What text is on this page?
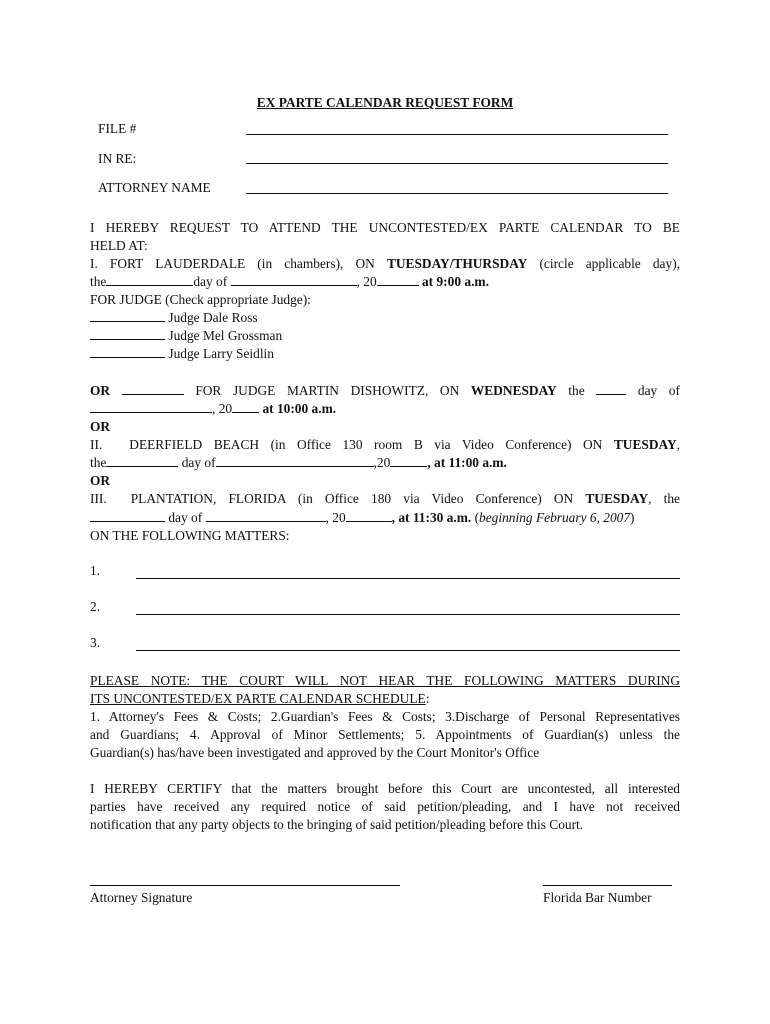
EX PARTE CALENDAR REQUEST FORM
FILE #
IN RE:
ATTORNEY NAME
I HEREBY REQUEST TO ATTEND THE UNCONTESTED/EX PARTE CALENDAR TO BE
HELD AT:
I. FORT LAUDERDALE (in chambers), ON TUESDAY/THURSDAY (circle applicable day),
the	day of	, 20	at 9:00 a.m.
FOR JUDGE (Check appropriate Judge):
Judge Dale Ross
Judge Mel Grossman
Judge Larry Seidlin
OR	FOR JUDGE MARTIN DISHOWITZ, ON WEDNESDAY the	day of
, 20 at 10:00 a.m.
OR
II. DEERFIELD BEACH (in Office 130 room B via Video Conference) ON TUESDAY,
the	day of	,20	, at 11:00 a.m.
OR
III. PLANTATION, FLORIDA (in Office 180 via Video Conference) ON TUESDAY, the
day of	, 20	, at 11:30 a.m. (beginning February 6, 2007)
ON THE FOLLOWING MATTERS:
1.
2.
3.
PLEASE NOTE: THE COURT WILL NOT HEAR THE FOLLOWING MATTERS DURING
ITS UNCONTESTED/EX PARTE CALENDAR SCHEDULE:
1. Attorney's Fees & Costs; 2.Guardian's Fees & Costs; 3.Discharge of Personal Representatives
and Guardians; 4. Approval of Minor Settlements; 5. Appointments of Guardian(s) unless the
Guardian(s) has/have been investigated and approved by the Court Monitor's Office
I HEREBY CERTIFY that the matters brought before this Court are uncontested, all interested
parties have received any required notice of said petition/pleading, and I have not received
notification that any party objects to the bringing of said petition/pleading before this Court.
Attorney Signature	Florida Bar Number
